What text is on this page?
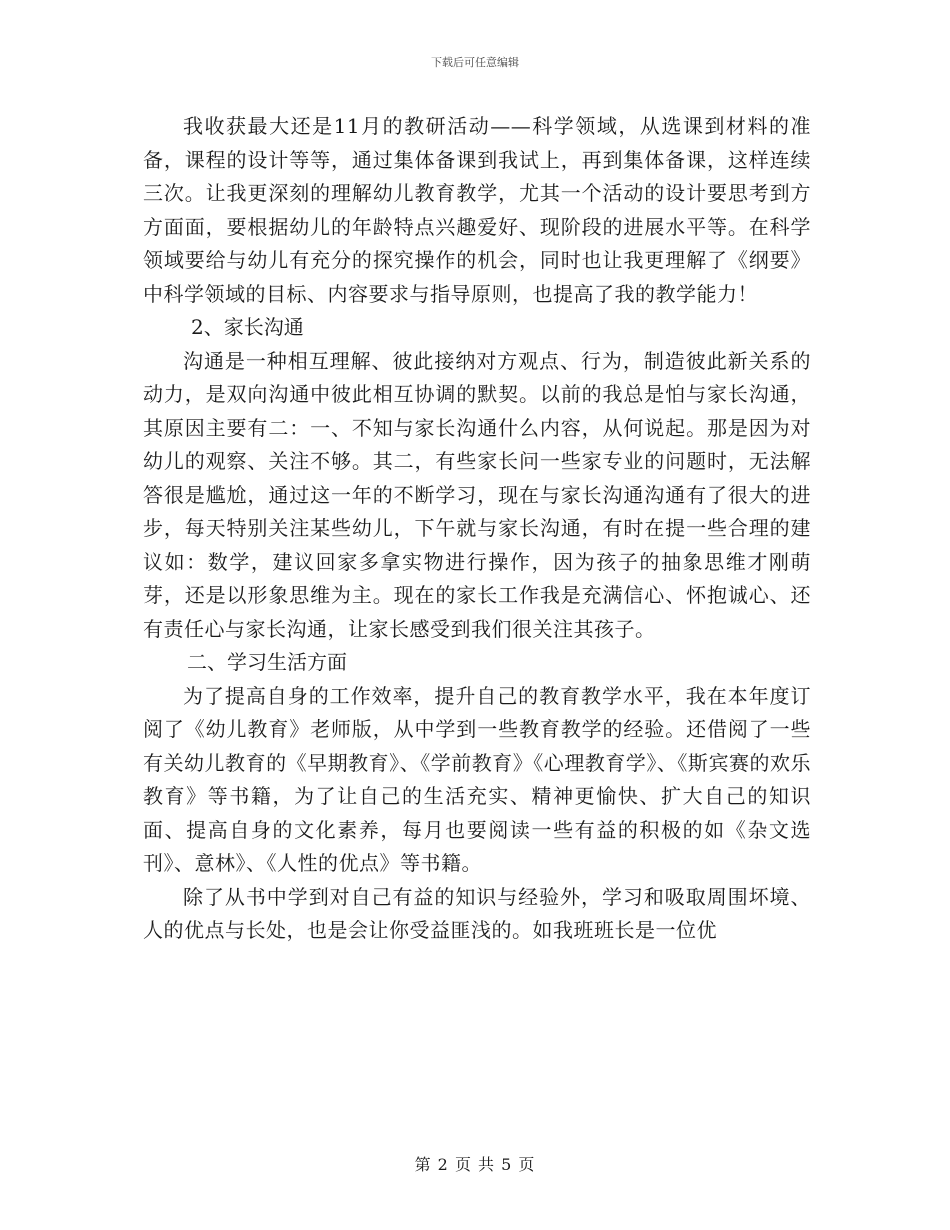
下载后可任意编辑

我收获最大还是11月的教研活动——科学领域，从选课到材料的准备，课程的设计等等，通过集体备课到我试上，再到集体备课，这样连续三次。让我更深刻的理解幼儿教育教学，尤其一个活动的设计要思考到方方面面，要根据幼儿的年龄特点兴趣爱好、现阶段的进展水平等。在科学领域要给与幼儿有充分的探究操作的机会，同时也让我更理解了《纲要》中科学领域的目标、内容要求与指导原则，也提高了我的教学能力！

2、家长沟通

沟通是一种相互理解、彼此接纳对方观点、行为，制造彼此新关系的动力，是双向沟通中彼此相互协调的默契。以前的我总是怕与家长沟通，其原因主要有二：一、不知与家长沟通什么内容，从何说起。那是因为对幼儿的观察、关注不够。其二，有些家长问一些家专业的问题时，无法解答很是尴尬，通过这一年的不断学习，现在与家长沟通沟通有了很大的进步，每天特别关注某些幼儿，下午就与家长沟通，有时在提一些合理的建议如：数学，建议回家多拿实物进行操作，因为孩子的抽象思维才刚萌芽，还是以形象思维为主。现在的家长工作我是充满信心、怀抱诚心、还有责任心与家长沟通，让家长感受到我们很关注其孩子。

二、学习生活方面

为了提高自身的工作效率，提升自己的教育教学水平，我在本年度订阅了《幼儿教育》老师版，从中学到一些教育教学的经验。还借阅了一些有关幼儿教育的《早期教育》、《学前教育》《心理教育学》、《斯宾赛的欢乐教育》等书籍，为了让自己的生活充实、精神更愉快、扩大自己的知识面、提高自身的文化素养，每月也要阅读一些有益的积极的如《杂文选刊》、意林》、《人性的优点》等书籍。

除了从书中学到对自己有益的知识与经验外，学习和吸取周围坏境、人的优点与长处，也是会让你受益匪浅的。如我班班长是一位优

第 2 页 共 5 页
